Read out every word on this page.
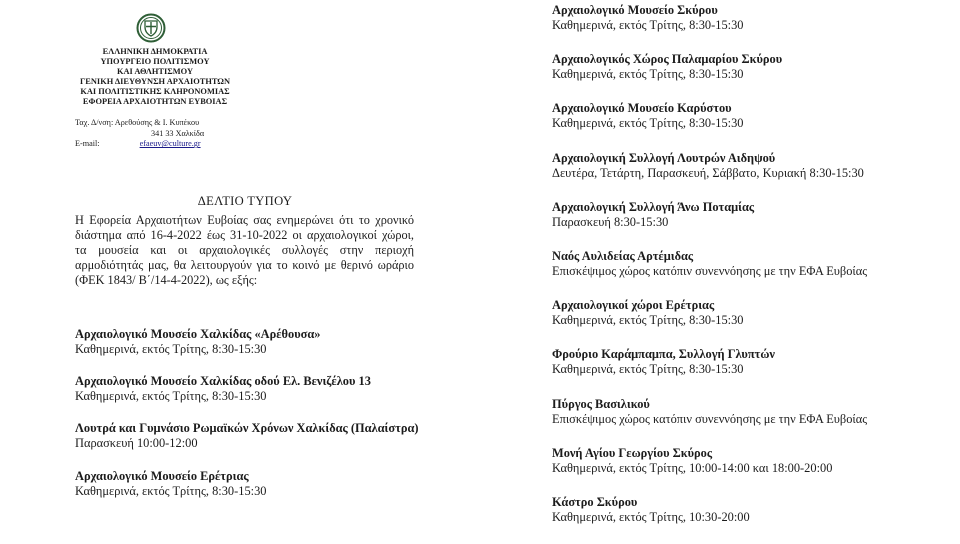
ΕΛΛΗΝΙΚΗ ΔΗΜΟΚΡΑΤΙΑ
ΥΠΟΥΡΓΕΙΟ ΠΟΛΙΤΙΣΜΟΥ
ΚΑΙ ΑΘΛΗΤΙΣΜΟΥ
ΓΕΝΙΚΗ ΔΙΕΥΘΥΝΣΗ ΑΡΧΑΙΟΤΗΤΩΝ
ΚΑΙ ΠΟΛΙΤΙΣΤΙΚΗΣ ΚΛΗΡΟΝΟΜΙΑΣ
ΕΦΟΡΕΙΑ ΑΡΧΑΙΟΤΗΤΩΝ ΕΥΒΟΙΑΣ
Ταχ. Δ/νση: Αρεθούσης & Ι. Κυπέκου
341 33 Χαλκίδα
E-mail:	efaeuv@culture.gr
ΔΕΛΤΙΟ ΤΥΠΟΥ
Η Εφορεία Αρχαιοτήτων Ευβοίας σας ενημερώνει ότι το χρονικό διάστημα από 16-4-2022 έως 31-10-2022 οι αρχαιολογικοί χώροι, τα μουσεία και οι αρχαιολογικές συλλογές στην περιοχή αρμοδιότητάς μας, θα λειτουργούν για το κοινό με θερινό ωράριο (ΦΕΚ 1843/ Β΄/14-4-2022), ως εξής:
Αρχαιολογικό Μουσείο Χαλκίδας «Αρέθουσα»
Καθημερινά, εκτός Τρίτης, 8:30-15:30
Αρχαιολογικό Μουσείο Χαλκίδας οδού Ελ. Βενιζέλου 13
Καθημερινά, εκτός Τρίτης, 8:30-15:30
Λουτρά και Γυμνάσιο Ρωμαϊκών Χρόνων Χαλκίδας (Παλαίστρα)
Παρασκευή 10:00-12:00
Αρχαιολογικό Μουσείο Ερέτριας
Καθημερινά, εκτός Τρίτης, 8:30-15:30
Αρχαιολογικό Μουσείο Σκύρου
Καθημερινά, εκτός Τρίτης, 8:30-15:30
Αρχαιολογικός Χώρος Παλαμαρίου Σκύρου
Καθημερινά, εκτός Τρίτης, 8:30-15:30
Αρχαιολογικό Μουσείο Καρύστου
Καθημερινά, εκτός Τρίτης, 8:30-15:30
Αρχαιολογική Συλλογή Λουτρών Αιδηψού
Δευτέρα, Τετάρτη, Παρασκευή, Σάββατο, Κυριακή 8:30-15:30
Αρχαιολογική Συλλογή Άνω Ποταμίας
Παρασκευή 8:30-15:30
Ναός Αυλιδείας Αρτέμιδας
Επισκέψιμος χώρος κατόπιν συνεννόησης με την ΕΦΑ Ευβοίας
Αρχαιολογικοί χώροι Ερέτριας
Καθημερινά, εκτός Τρίτης, 8:30-15:30
Φρούριο Καράμπαμπα, Συλλογή Γλυπτών
Καθημερινά, εκτός Τρίτης, 8:30-15:30
Πύργος Βασιλικού
Επισκέψιμος χώρος κατόπιν συνεννόησης με την ΕΦΑ Ευβοίας
Μονή Αγίου Γεωργίου Σκύρος
Καθημερινά, εκτός Τρίτης, 10:00-14:00 και 18:00-20:00
Κάστρο Σκύρου
Καθημερινά, εκτός Τρίτης, 10:30-20:00
